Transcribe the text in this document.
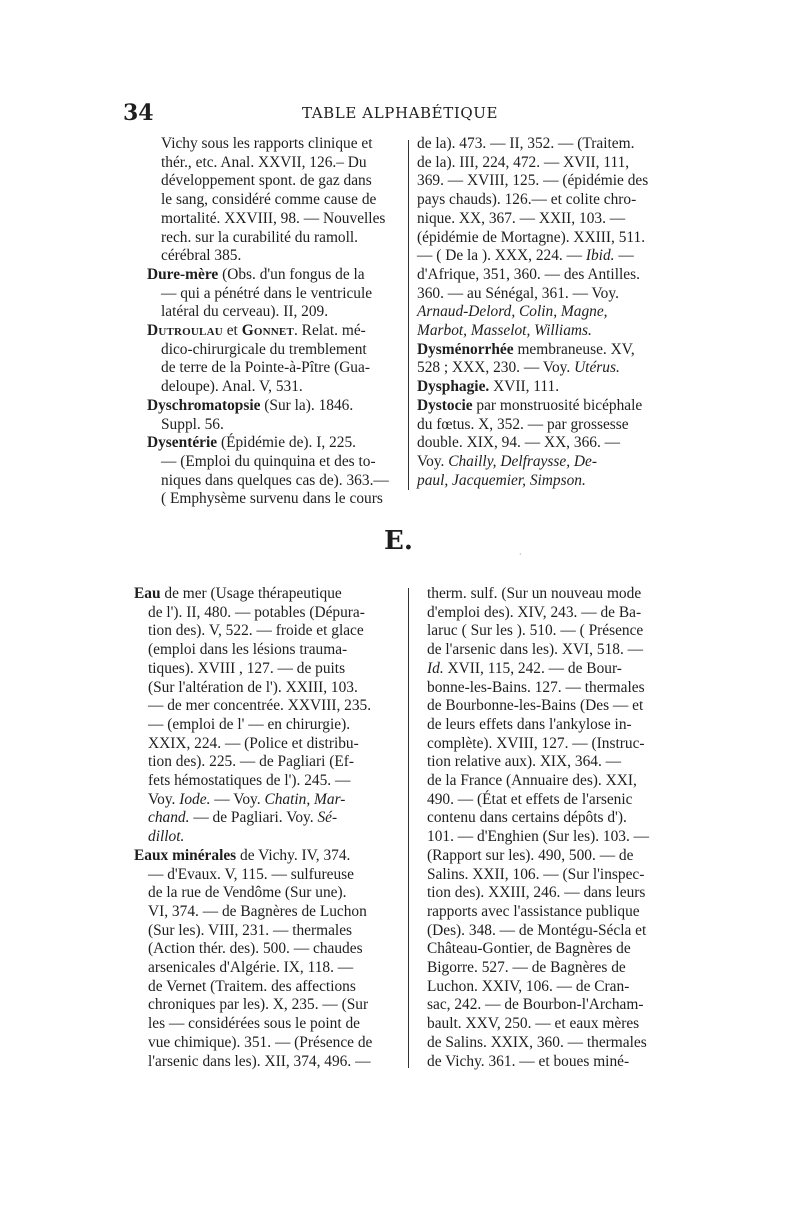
34	TABLE ALPHABÉTIQUE

Vichy sous les rapports clinique et

thér., etc. Anal. XXVII, 126.– Du

développement spont. de gaz dans

le sang, considéré comme cause de

mortalité. XXVIII, 98. — Nouvelles

rech. sur la curabilité du ramoll.

cérébral 385.

Dure-mère (Obs. d'un fongus de la

— qui a pénétré dans le ventricule

latéral du cerveau). II, 209.

Dutroulau et Gonnet. Relat. mé-

dico-chirurgicale du tremblement

de terre de la Pointe-à-Pître (Gua-

deloupe). Anal. V, 531.

Dyschromatopsie (Sur la). 1846.

Suppl. 56.

Dysentérie (Épidémie de). I, 225.

— (Emploi du quinquina et des to-

niques dans quelques cas de). 363.—

( Emphysème survenu dans le cours

de la). 473. — II, 352. — (Traitem.

de la). III, 224, 472. — XVII, 111,

369. — XVIII, 125. — (épidémie des

pays chauds). 126.— et colite chro-

nique. XX, 367. — XXII, 103. —

(épidémie de Mortagne). XXIII, 511.

— ( De la ). XXX, 224. — Ibid. —

d'Afrique, 351, 360. — des Antilles.

360. — au Sénégal, 361. — Voy.

Arnaud-Delord, Colin, Magne,

Marbot, Masselot, Williams.

Dysménorrhée membraneuse. XV,

528 ; XXX, 230. — Voy. Utérus.

Dysphagie. XVII, 111.

Dystocie par monstruosité bicéphale

du fœtus. X, 352. — par grossesse

double. XIX, 94. — XX, 366. —

Voy. Chailly, Delfraysse, De-

paul, Jacquemier, Simpson.

E.	·

Eau de mer (Usage thérapeutique

de l'). II, 480. — potables (Dépura-

tion des). V, 522. — froide et glace

(emploi dans les lésions trauma-

tiques). XVIII , 127. — de puits

(Sur l'altération de l'). XXIII, 103.

— de mer concentrée. XXVIII, 235.

— (emploi de l' — en chirurgie).

XXIX, 224. — (Police et distribu-

tion des). 225. — de Pagliari (Ef-

fets hémostatiques de l'). 245. —

Voy. Iode. — Voy. Chatin, Mar-

chand. — de Pagliari. Voy. Sé-

dillot.

Eaux minérales de Vichy. IV, 374.

— d'Evaux. V, 115. — sulfureuse

de la rue de Vendôme (Sur une).

VI, 374. — de Bagnères de Luchon

(Sur les). VIII, 231. — thermales

(Action thér. des). 500. — chaudes

arsenicales d'Algérie. IX, 118. —

de Vernet (Traitem. des affections

chroniques par les). X, 235. — (Sur

les — considérées sous le point de

vue chimique). 351. — (Présence de

l'arsenic dans les). XII, 374, 496. —

therm. sulf. (Sur un nouveau mode

d'emploi des). XIV, 243. — de Ba-

laruc ( Sur les ). 510. — ( Présence

de l'arsenic dans les). XVI, 518. —

Id. XVII, 115, 242. — de Bour-

bonne-les-Bains. 127. — thermales

de Bourbonne-les-Bains (Des — et

de leurs effets dans l'ankylose in-

complète). XVIII, 127. — (Instruc-

tion relative aux). XIX, 364. —

de la France (Annuaire des). XXI,

490. — (État et effets de l'arsenic

contenu dans certains dépôts d').

101. — d'Enghien (Sur les). 103. —

(Rapport sur les). 490, 500. — de

Salins. XXII, 106. — (Sur l'inspec-

tion des). XXIII, 246. — dans leurs

rapports avec l'assistance publique

(Des). 348. — de Montégu-Sécla et

Château-Gontier, de Bagnères de

Bigorre. 527. — de Bagnères de

Luchon. XXIV, 106. — de Cran-

sac, 242. — de Bourbon-l'Archam-

bault. XXV, 250. — et eaux mères

de Salins. XXIX, 360. — thermales

de Vichy. 361. — et boues miné-
